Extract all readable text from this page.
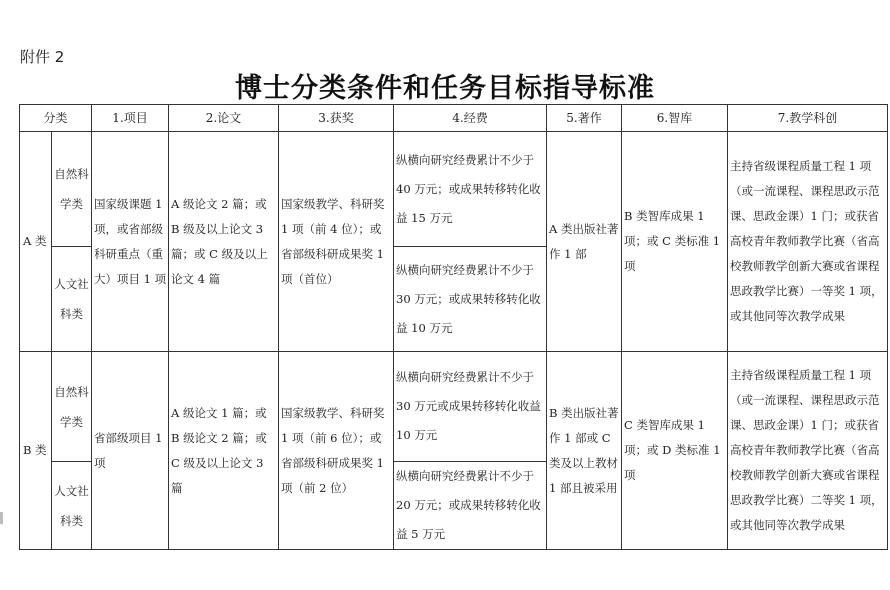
附件 2
博士分类条件和任务目标指导标准
分类		1.项目	2.论文	3.获奖	4.经费	5.著作	6.智库	7.教学科创
A 类	自然科学类	国家级课题 1 项，或省部级科研重点（重大）项目 1 项	A 级论文 2 篇；或 B 级及以上论文 3 篇；或 C 级及以上论文 4 篇	国家级教学、科研奖 1 项（前 4 位）；或省部级科研成果奖 1 项（首位）	纵横向研究经费累计不少于 40 万元；或成果转移转化收益 15 万元	A 类出版社著作 1 部	B 类智库成果 1 项；或 C 类标准 1 项	主持省级课程质量工程 1 项（或一流课程、课程思政示范课、思政金课）1 门；或获省高校青年教师教学比赛（省高校教师教学创新大赛或省课程思政教学比赛）一等奖 1 项，或其他同等次教学成果
	人文社科类				纵横向研究经费累计不少于 30 万元；或成果转移转化收益 10 万元			
B 类	自然科学类	省部级项目 1 项	A 级论文 1 篇；或 B 级论文 2 篇；或 C 级及以上论文 3 篇	国家级教学、科研奖 1 项（前 6 位）；或省部级科研成果奖 1 项（前 2 位）	纵横向研究经费累计不少于 30 万元或成果转移转化收益 10 万元	B 类出版社著作 1 部或 C 类及以上教材 1 部且被采用	C 类智库成果 1 项；或 D 类标准 1 项	主持省级课程质量工程 1 项（或一流课程、课程思政示范课、思政金课）1 门；或获省高校青年教师教学比赛（省高校教师教学创新大赛或省课程思政教学比赛）二等奖 1 项，或其他同等次教学成果
	人文社科类				纵横向研究经费累计不少于 20 万元；或成果转移转化收益 5 万元			
